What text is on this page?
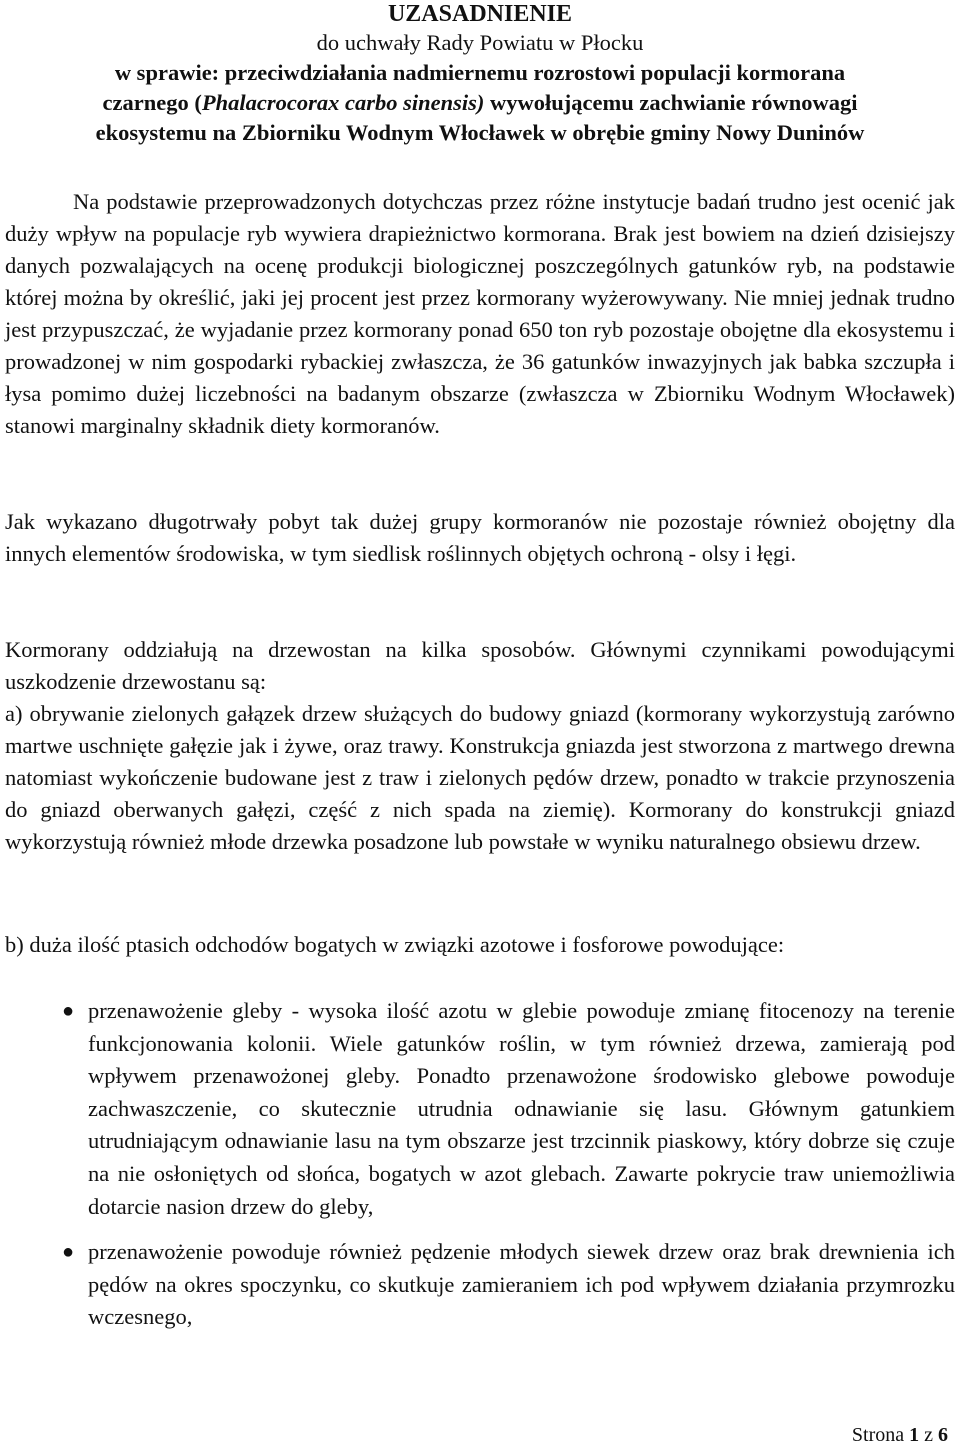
UZASADNIENIE
do uchwały Rady Powiatu w Płocku
w sprawie: przeciwdziałania nadmiernemu rozrostowi populacji kormorana
czarnego (Phalacrocorax carbo sinensis) wywołującemu zachwianie równowagi
ekosystemu na Zbiorniku Wodnym Włocławek w obrębie gminy Nowy Duninów
Na podstawie przeprowadzonych dotychczas przez różne instytucje badań trudno jest ocenić jak duży wpływ na populacje ryb wywiera drapieżnictwo kormorana. Brak jest bowiem na dzień dzisiejszy danych pozwalających na ocenę produkcji biologicznej poszczególnych gatunków ryb, na podstawie której można by określić, jaki jej procent jest przez kormorany wyżerowywany. Nie mniej jednak trudno jest przypuszczać, że wyjadanie przez kormorany ponad 650 ton ryb pozostaje obojętne dla ekosystemu i prowadzonej w nim gospodarki rybackiej zwłaszcza, że 36 gatunków inwazyjnych jak babka szczupła i łysa pomimo dużej liczebności na badanym obszarze (zwłaszcza w Zbiorniku Wodnym Włocławek) stanowi marginalny składnik diety kormoranów.
Jak wykazano długotrwały pobyt tak dużej grupy kormoranów nie pozostaje również obojętny dla innych elementów środowiska, w tym siedlisk roślinnych objętych ochroną - olsy i łęgi.
Kormorany oddziałują na drzewostan na kilka sposobów. Głównymi czynnikami powodującymi uszkodzenie drzewostanu są:
a) obrywanie zielonych gałązek drzew służących do budowy gniazd (kormorany wykorzystują zarówno martwe uschnięte gałęzie jak i żywe, oraz trawy. Konstrukcja gniazda jest stworzona z martwego drewna natomiast wykończenie budowane jest z traw i zielonych pędów drzew, ponadto w trakcie przynoszenia do gniazd oberwanych gałęzi, część z nich spada na ziemię). Kormorany do konstrukcji gniazd wykorzystują również młode drzewka posadzone lub powstałe w wyniku naturalnego obsiewu drzew.
b) duża ilość ptasich odchodów bogatych w związki azotowe i fosforowe powodujące:
● przenawożenie gleby - wysoka ilość azotu w glebie powoduje zmianę fitocenozy na terenie funkcjonowania kolonii. Wiele gatunków roślin, w tym również drzewa, zamierają pod wpływem przenawożonej gleby. Ponadto przenawożone środowisko glebowe powoduje zachwaszczenie, co skutecznie utrudnia odnawianie się lasu. Głównym gatunkiem utrudniającym odnawianie lasu na tym obszarze jest trzcinnik piaskowy, który dobrze się czuje na nie osłoniętych od słońca, bogatych w azot glebach. Zawarte pokrycie traw uniemożliwia dotarcie nasion drzew do gleby,
● przenawożenie powoduje również pędzenie młodych siewek drzew oraz brak drewnienia ich pędów na okres spoczynku, co skutkuje zamieraniem ich pod wpływem działania przymrozku wczesnego,
Strona 1 z 6
